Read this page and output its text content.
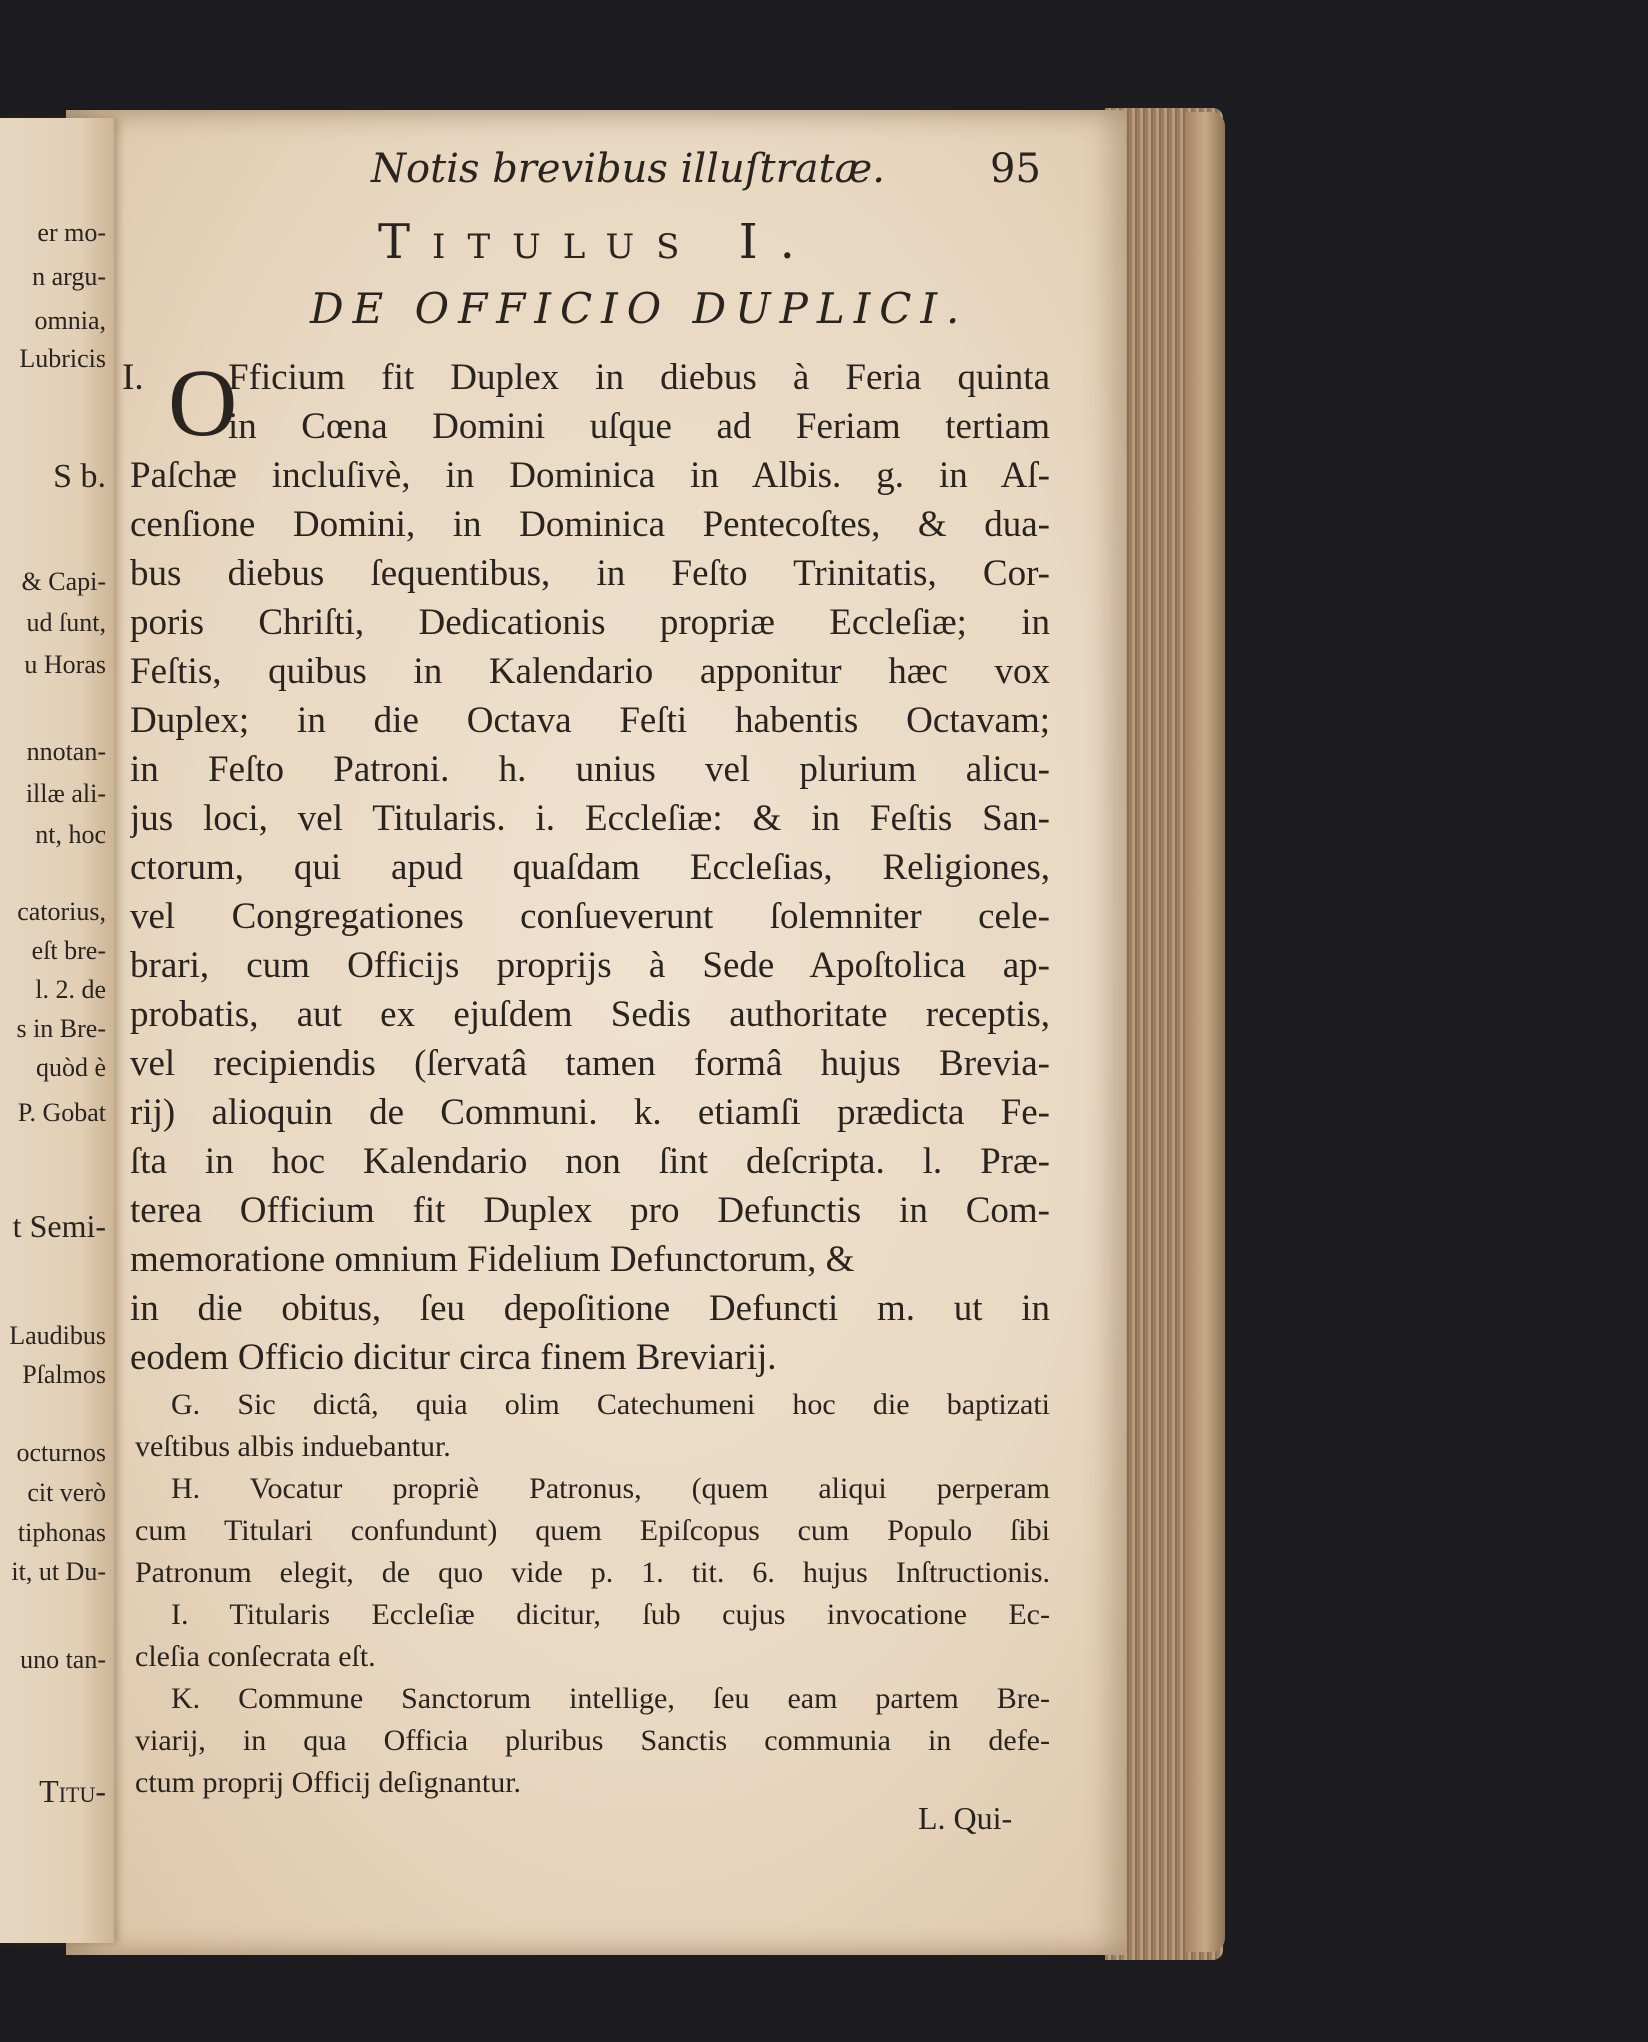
er mo-
n argu-
omnia,
Lubricis
S b.
& Capi-
ud ſunt,
u Horas
nnotan-
illæ ali-
nt, hoc
catorius,
eſt bre-
l. 2. de
s in Bre-
quòd è
P. Gobat
t Semi-
Laudibus
Pſalmos
octurnos
cit verò
tiphonas
it, ut Du-
uno tan-
Titu-
Notis brevibus illuſtratæ.	95
Titulus I.
DE OFFICIO DUPLICI.
I. O
Fficium fit Duplex in diebus à Feria quinta
in Cœna Domini uſque ad Feriam tertiam
Paſchæ incluſivè, in Dominica in Albis. g. in Aſ-
cenſione Domini, in Dominica Pentecoſtes, & dua-
bus diebus ſequentibus, in Feſto Trinitatis, Cor-
poris Chriſti, Dedicationis propriæ Eccleſiæ; in
Feſtis, quibus in Kalendario apponitur hæc vox
Duplex; in die Octava Feſti habentis Octavam;
in Feſto Patroni. h. unius vel plurium alicu-
jus loci, vel Titularis. i. Eccleſiæ: & in Feſtis San-
ctorum, qui apud quaſdam Eccleſias, Religiones,
vel Congregationes conſueverunt ſolemniter cele-
brari, cum Officijs proprijs à Sede Apoſtolica ap-
probatis, aut ex ejuſdem Sedis authoritate receptis,
vel recipiendis (ſervatâ tamen formâ hujus Brevia-
rij) alioquin de Communi. k. etiamſi prædicta Fe-
ſta in hoc Kalendario non ſint deſcripta. l. Præ-
terea Officium fit Duplex pro Defunctis in Com-
memoratione omnium Fidelium Defunctorum, &
in die obitus, ſeu depoſitione Defuncti m. ut in
eodem Officio dicitur circa finem Breviarij.
G. Sic dictâ, quia olim Catechumeni hoc die baptizati
veſtibus albis induebantur.
H. Vocatur propriè Patronus, (quem aliqui perperam
cum Titulari confundunt) quem Epiſcopus cum Populo ſibi
Patronum elegit, de quo vide p. 1. tit. 6. hujus Inſtructionis.
I. Titularis Eccleſiæ dicitur, ſub cujus invocatione Ec-
cleſia conſecrata eſt.
K. Commune Sanctorum intellige, ſeu eam partem Bre-
viarij, in qua Officia pluribus Sanctis communia in defe-
ctum proprij Officij deſignantur.
L. Qui-
